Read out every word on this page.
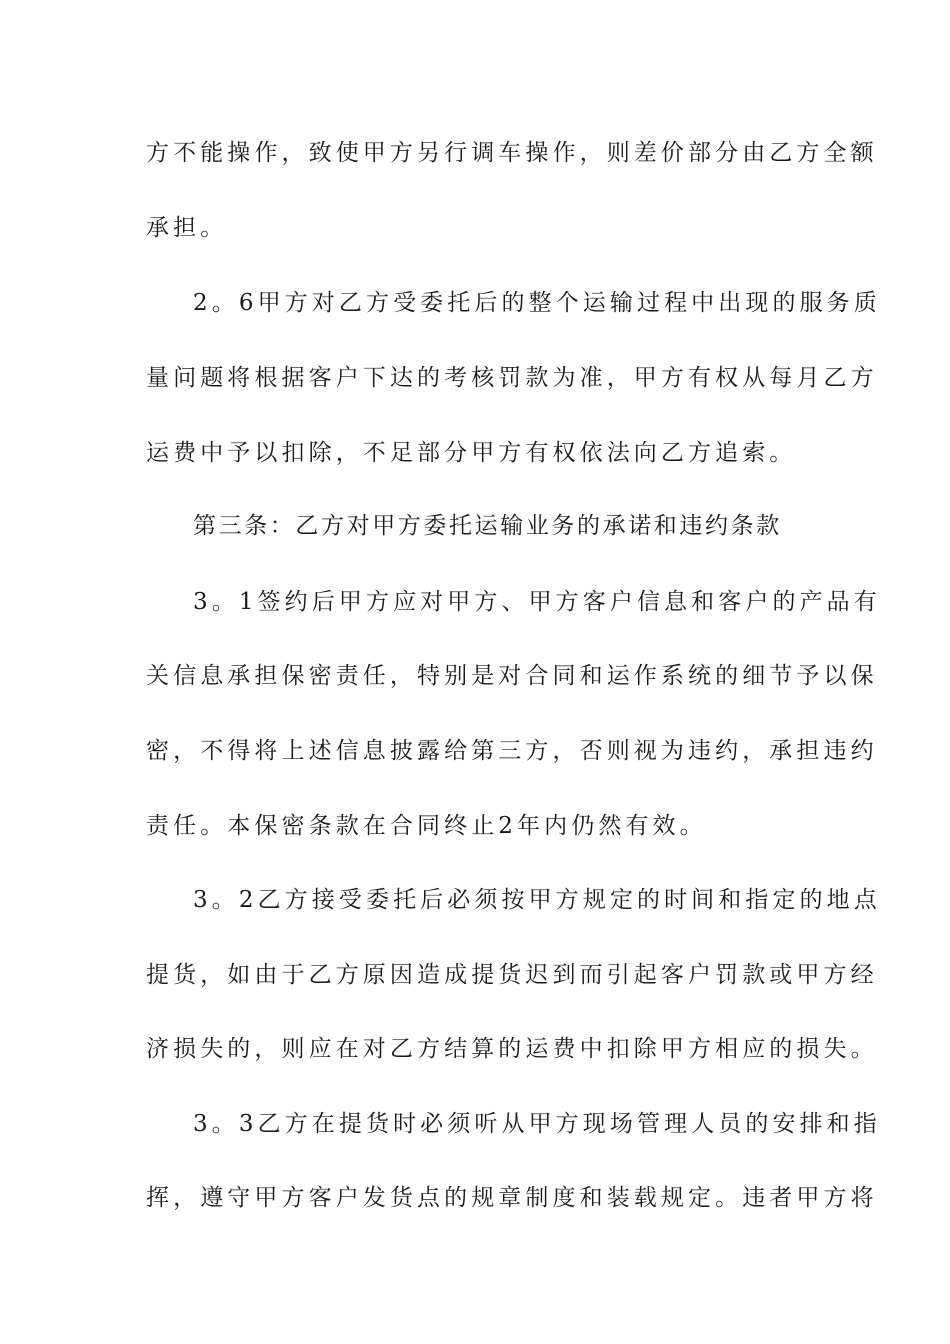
方不能操作，致使甲方另行调车操作，则差价部分由乙方全额
承担。
2。6甲方对乙方受委托后的整个运输过程中出现的服务质
量问题将根据客户下达的考核罚款为准，甲方有权从每月乙方
运费中予以扣除，不足部分甲方有权依法向乙方追索。
第三条：乙方对甲方委托运输业务的承诺和违约条款
3。1签约后甲方应对甲方、甲方客户信息和客户的产品有
关信息承担保密责任，特别是对合同和运作系统的细节予以保
密，不得将上述信息披露给第三方，否则视为违约，承担违约
责任。本保密条款在合同终止2年内仍然有效。
3。2乙方接受委托后必须按甲方规定的时间和指定的地点
提货，如由于乙方原因造成提货迟到而引起客户罚款或甲方经
济损失的，则应在对乙方结算的运费中扣除甲方相应的损失。
3。3乙方在提货时必须听从甲方现场管理人员的安排和指
挥，遵守甲方客户发货点的规章制度和装载规定。违者甲方将
